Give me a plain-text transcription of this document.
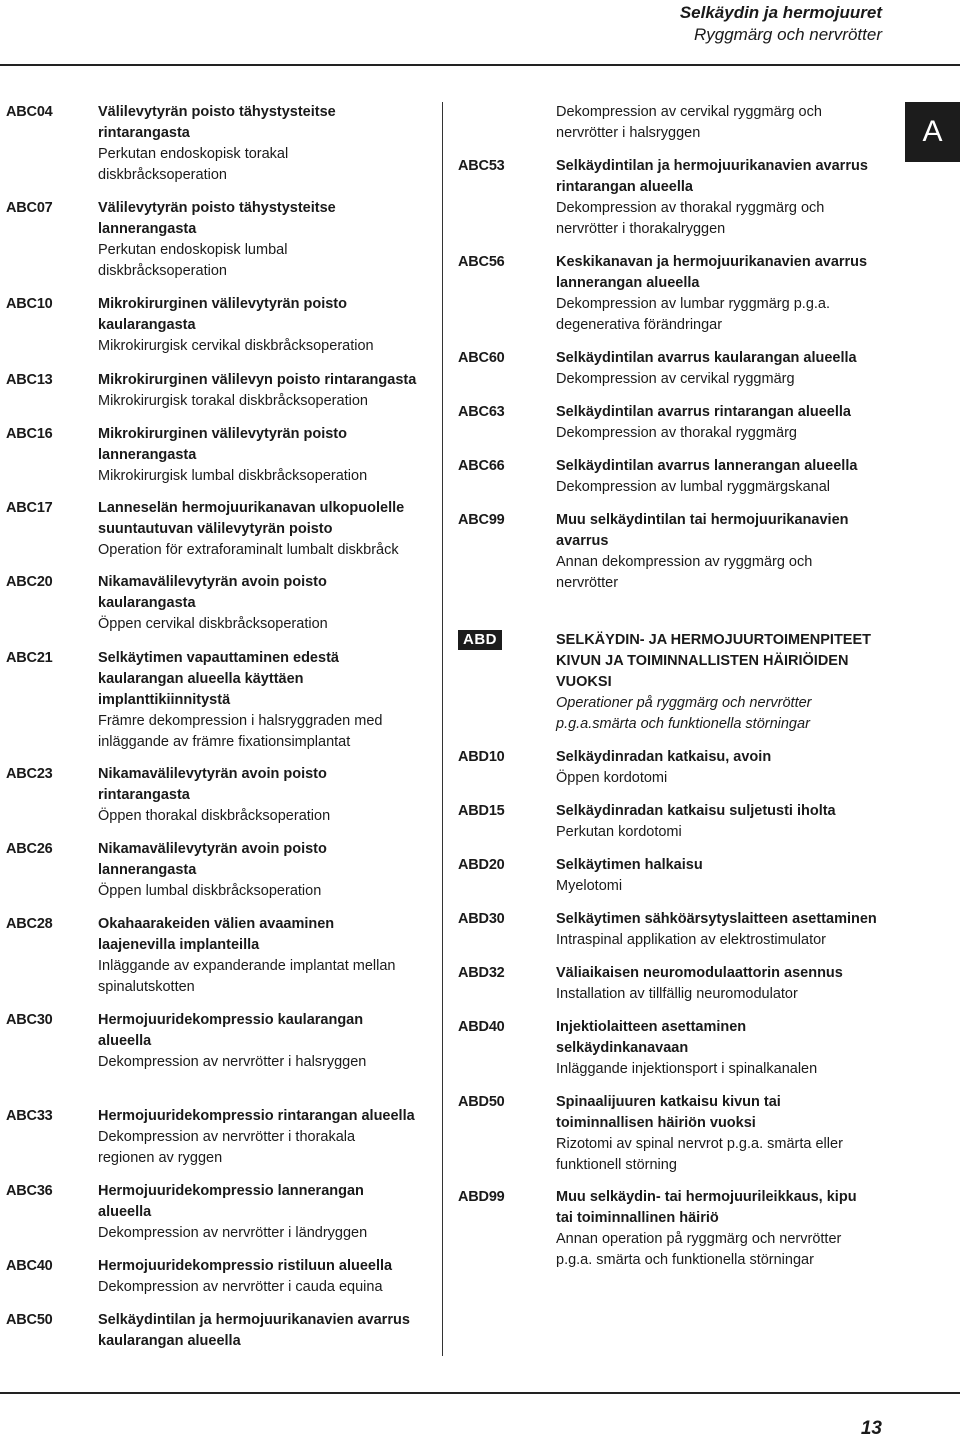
Selkäydin ja hermojuuret
Ryggmärg och nervrötter
A
ABC04	Välilevytyrän poisto tähystysteitse
rintarangasta
Perkutan endoskopisk torakal
diskbråcksoperation
ABC07	Välilevytyrän poisto tähystysteitse
lannerangasta
Perkutan endoskopisk lumbal
diskbråcksoperation
ABC10	Mikrokirurginen välilevytyrän poisto
kaularangasta
Mikrokirurgisk cervikal diskbråcksoperation
ABC13	Mikrokirurginen välilevyn poisto rintarangasta
Mikrokirurgisk torakal diskbråcksoperation
ABC16	Mikrokirurginen välilevytyrän poisto
lannerangasta
Mikrokirurgisk lumbal diskbråcksoperation
ABC17	Lanneselän hermojuurikanavan ulkopuolelle
suuntautuvan välilevytyrän poisto
Operation för extraforaminalt lumbalt diskbråck
ABC20	Nikamavälilevytyrän avoin poisto
kaularangasta
Öppen cervikal diskbråcksoperation
ABC21	Selkäytimen vapauttaminen edestä
kaularangan alueella käyttäen
implanttikiinnitystä
Främre dekompression i halsryggraden med
inläggande av främre fixationsimplantat
ABC23	Nikamavälilevytyrän avoin poisto
rintarangasta
Öppen thorakal diskbråcksoperation
ABC26	Nikamavälilevytyrän avoin poisto
lannerangasta
Öppen lumbal diskbråcksoperation
ABC28	Okahaarakeiden välien avaaminen
laajenevilla implanteilla
Inläggande av expanderande implantat mellan
spinalutskotten
ABC30	Hermojuuridekompressio kaularangan
alueella
Dekompression av nervrötter i halsryggen
ABC33	Hermojuuridekompressio rintarangan alueella
Dekompression av nervrötter i thorakala
regionen av ryggen
ABC36	Hermojuuridekompressio lannerangan
alueella
Dekompression av nervrötter i ländryggen
ABC40	Hermojuuridekompressio ristiluun alueella
Dekompression av nervrötter i cauda equina
ABC50	Selkäydintilan ja hermojuurikanavien avarrus
kaularangan alueella
Dekompression av cervikal ryggmärg och
nervrötter i halsryggen
ABC53	Selkäydintilan ja hermojuurikanavien avarrus
rintarangan alueella
Dekompression av thorakal ryggmärg och
nervrötter i thorakalryggen
ABC56	Keskikanavan ja hermojuurikanavien avarrus
lannerangan alueella
Dekompression av lumbar ryggmärg p.g.a.
degenerativa förändringar
ABC60	Selkäydintilan avarrus kaularangan alueella
Dekompression av cervikal ryggmärg
ABC63	Selkäydintilan avarrus rintarangan alueella
Dekompression av thorakal ryggmärg
ABC66	Selkäydintilan avarrus lannerangan alueella
Dekompression av lumbal ryggmärgskanal
ABC99	Muu selkäydintilan tai hermojuurikanavien
avarrus
Annan dekompression av ryggmärg och
nervrötter
ABD	SELKÄYDIN- JA HERMOJUURTOIMENPITEET
KIVUN JA TOIMINNALLISTEN HÄIRIÖIDEN
VUOKSI
Operationer på ryggmärg och nervrötter
p.g.a.smärta och funktionella störningar
ABD10	Selkäydinradan katkaisu, avoin
Öppen kordotomi
ABD15	Selkäydinradan katkaisu suljetusti iholta
Perkutan kordotomi
ABD20	Selkäytimen halkaisu
Myelotomi
ABD30	Selkäytimen sähköärsytyslaitteen asettaminen
Intraspinal applikation av elektrostimulator
ABD32	Väliaikaisen neuromodulaattorin asennus
Installation av tillfällig neuromodulator
ABD40	Injektiolaitteen asettaminen
selkäydinkanavaan
Inläggande injektionsport i spinalkanalen
ABD50	Spinaalijuuren katkaisu kivun tai
toiminnallisen häiriön vuoksi
Rizotomi av spinal nervrot p.g.a. smärta eller
funktionell störning
ABD99	Muu selkäydin- tai hermojuurileikkaus, kipu
tai toiminnallinen häiriö
Annan operation på ryggmärg och nervrötter
p.g.a. smärta och funktionella störningar
13
